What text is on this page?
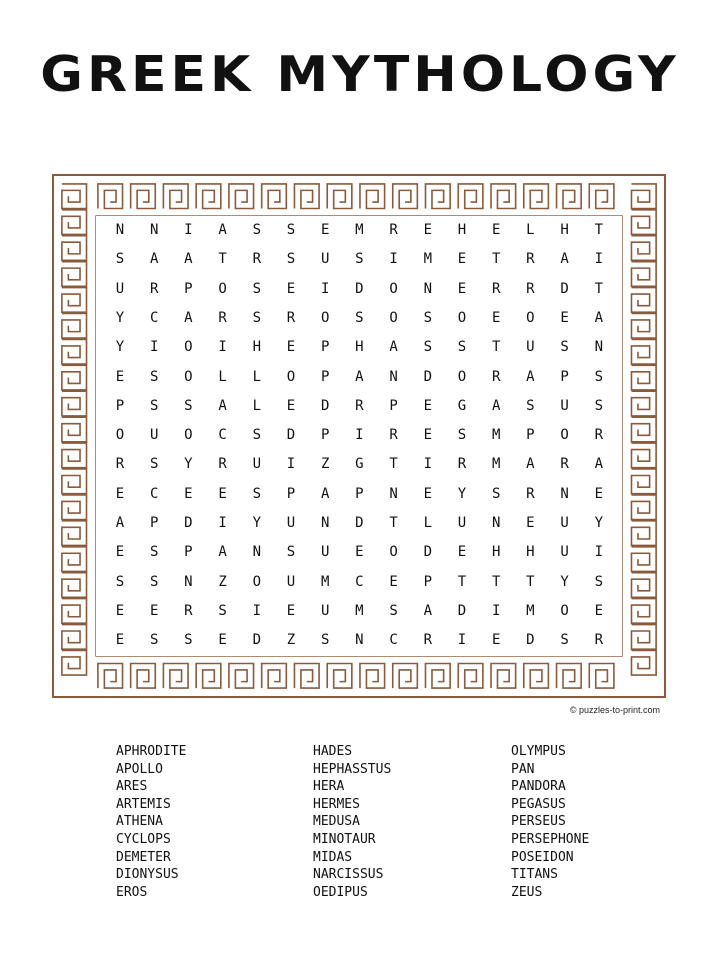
GREEK MYTHOLOGY
N	N	I	A	S	S	E	M	R	E	H	E	L	H	T
S	A	A	T	R	S	U	S	I	M	E	T	R	A	I
U	R	P	O	S	E	I	D	O	N	E	R	R	D	T
Y	C	A	R	S	R	O	S	O	S	O	E	O	E	A
Y	I	O	I	H	E	P	H	A	S	S	T	U	S	N
E	S	O	L	L	O	P	A	N	D	O	R	A	P	S
P	S	S	A	L	E	D	R	P	E	G	A	S	U	S
O	U	O	C	S	D	P	I	R	E	S	M	P	O	R
R	S	Y	R	U	I	Z	G	T	I	R	M	A	R	A
E	C	E	E	S	P	A	P	N	E	Y	S	R	N	E
A	P	D	I	Y	U	N	D	T	L	U	N	E	U	Y
E	S	P	A	N	S	U	E	O	D	E	H	H	U	I
S	S	N	Z	O	U	M	C	E	P	T	T	T	Y	S
E	E	R	S	I	E	U	M	S	A	D	I	M	O	E
E	S	S	E	D	Z	S	N	C	R	I	E	D	S	R
© puzzles-to-print.com
APHRODITE
APOLLO
ARES
ARTEMIS
ATHENA
CYCLOPS
DEMETER
DIONYSUS
EROS
HADES
HEPHASSTUS
HERA
HERMES
MEDUSA
MINOTAUR
MIDAS
NARCISSUS
OEDIPUS
OLYMPUS
PAN
PANDORA
PEGASUS
PERSEUS
PERSEPHONE
POSEIDON
TITANS
ZEUS
